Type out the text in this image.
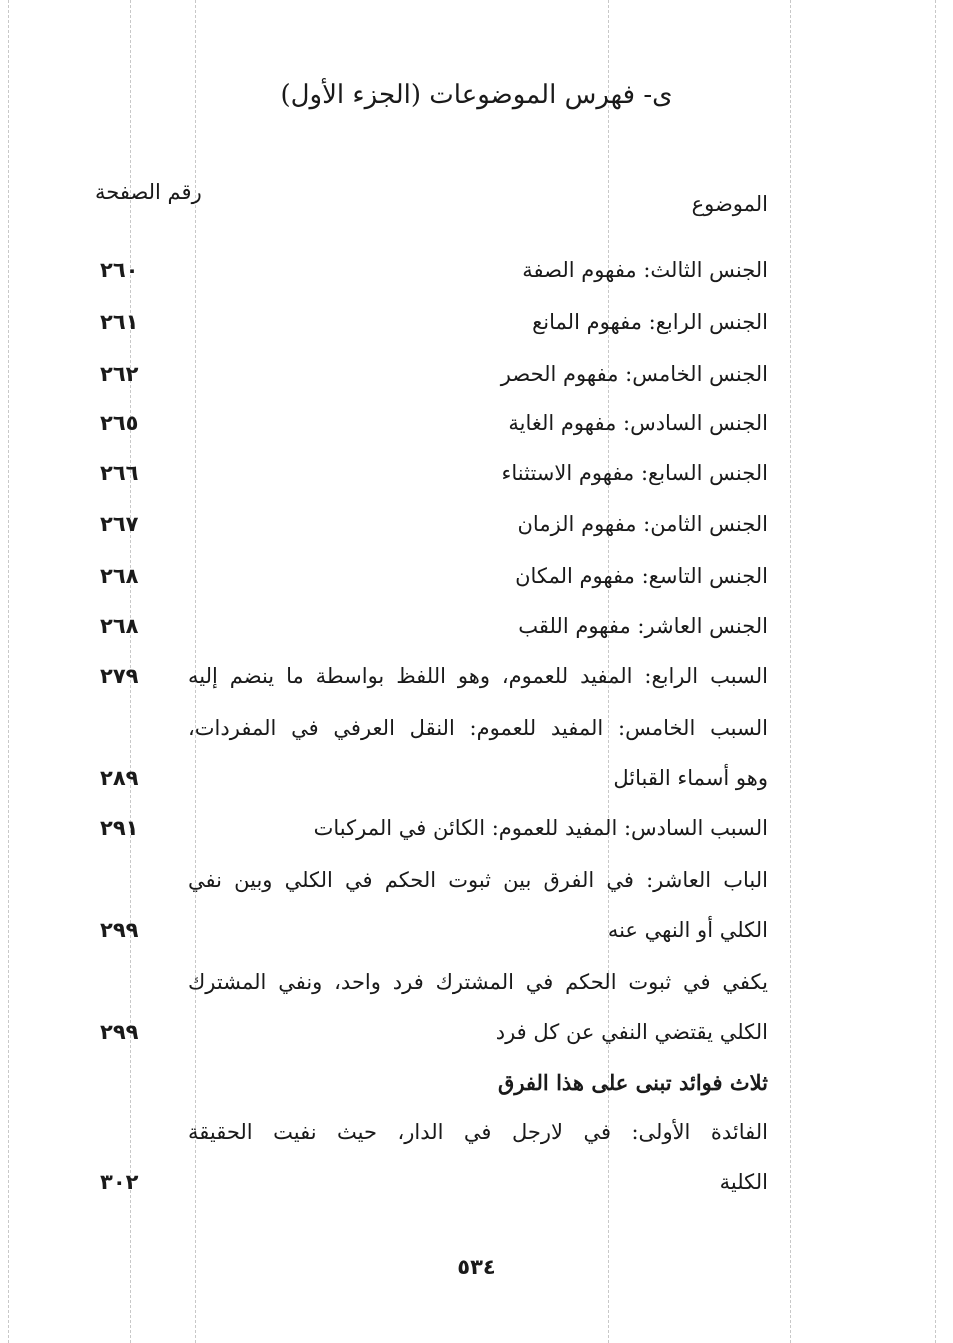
ى- فهرس الموضوعات (الجزء الأول)
الموضوع
رقم الصفحة
الجنس الثالث: مفهوم الصفة
٢٦٠
الجنس الرابع: مفهوم المانع
٢٦١
الجنس الخامس: مفهوم الحصر
٢٦٢
الجنس السادس: مفهوم الغاية
٢٦٥
الجنس السابع: مفهوم الاستثناء
٢٦٦
الجنس الثامن: مفهوم الزمان
٢٦٧
الجنس التاسع: مفهوم المكان
٢٦٨
الجنس العاشر: مفهوم اللقب
٢٦٨
السبب الرابع: المفيد للعموم، وهو اللفظ بواسطة ما ينضم إليه
٢٧٩
السبب الخامس: المفيد للعموم: النقل العرفي في المفردات،
وهو أسماء القبائل
٢٨٩
السبب السادس: المفيد للعموم: الكائن في المركبات
٢٩١
الباب العاشر: في الفرق بين ثبوت الحكم في الكلي وبين نفي
الكلي أو النهي عنه
٢٩٩
يكفي في ثبوت الحكم في المشترك فرد واحد، ونفي المشترك
الكلي يقتضي النفي عن كل فرد
٢٩٩
ثلاث فوائد تبنى على هذا الفرق
الفائدة الأولى: في لارجل في الدار، حيث نفيت الحقيقة
الكلية
٣٠٢
٥٣٤
